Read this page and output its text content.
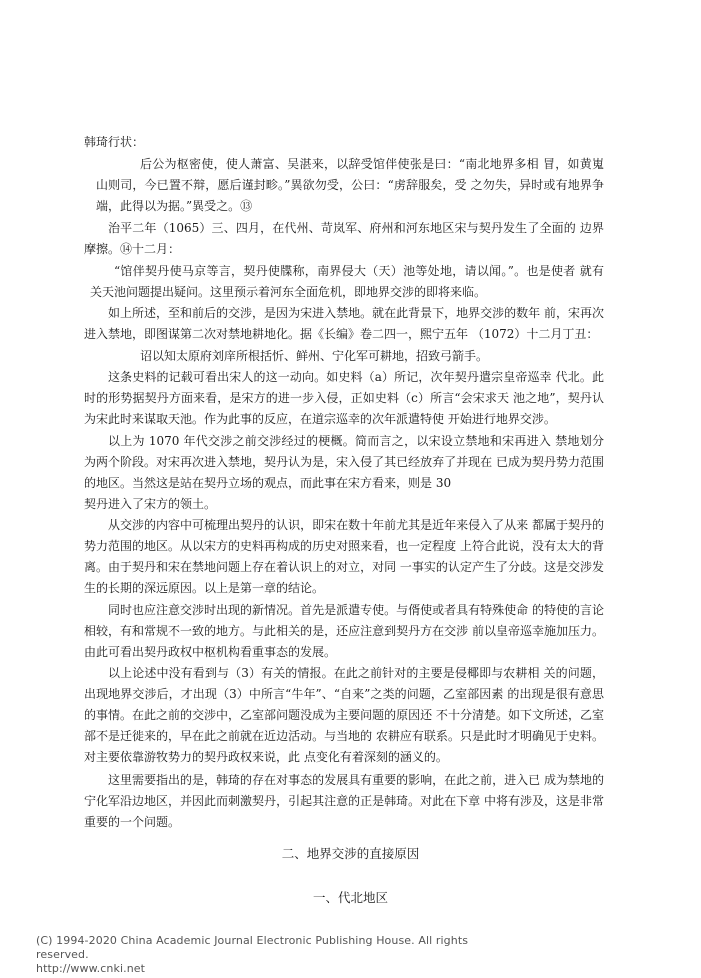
韩琦行状：

后公为枢密使，使人萧富、吴湛来，以辞受馆伴使张是曰：“南北地界多相 冒，如黄嵬山则司，今已置不辩，愿后谨封畛。”異欲勿受，公曰：“虏辞服矣，受 之勿失，异时或有地界争端，此得以为据。”異受之。⑬

治平二年（1065）三、四月，在代州、苛岚军、府州和河东地区宋与契丹发生了全面的 边界摩擦。⑭十二月：

“馆伴契丹使马京等言，契丹使牒称，南界侵大（天）池等处地，请以闻。”。也是使者 就有关天池问题提出疑问。这里预示着河东全面危机，即地界交涉的即将来临。

如上所述，至和前后的交涉，是因为宋进入禁地。就在此背景下，地界交涉的数年 前，宋再次进入禁地，即图谋第二次对禁地耕地化。据《长编》卷二四一，熙宁五年 （1072）十二月丁丑：

诏以知太原府刘庠所根括忻、鲜州、宁化军可耕地，招致弓箭手。

这条史料的记载可看出宋人的这一动向。如史料（a）所记，次年契丹遣宗皇帝巡幸 代北。此时的形势据契丹方面来看，是宋方的进一步入侵，正如史料（c）所言“会宋求天 池之地”，契丹认为宋此时来谋取天池。作为此事的反应，在道宗巡幸的次年派遣特使 开始进行地界交涉。

以上为 1070 年代交涉之前交涉经过的梗概。简而言之，以宋设立禁地和宋再进入 禁地划分为两个阶段。对宋再次进入禁地，契丹认为是，宋入侵了其已经放弃了并现在 已成为契丹势力范围的地区。当然这是站在契丹立场的观点，而此事在宋方看来，则是 30

契丹进入了宋方的领土。

从交涉的内容中可梳理出契丹的认识，即宋在数十年前尤其是近年来侵入了从来 都属于契丹的势力范围的地区。从以宋方的史料再构成的历史对照来看，也一定程度 上符合此说，没有太大的背离。由于契丹和宋在禁地问题上存在着认识上的对立，对同 一事实的认定产生了分歧。这是交涉发生的长期的深远原因。以上是第一章的结论。

同时也应注意交涉时出现的新情况。首先是派遣专使。与偦使或者具有特殊使命 的特使的言论相较，有和常规不一致的地方。与此相关的是，还应注意到契丹方在交涉 前以皇帝巡幸施加压力。由此可看出契丹政权中枢机构看重事态的发展。

以上论述中没有看到与（3）有关的情报。在此之前针对的主要是侵椰即与农耕相 关的问题，出现地界交涉后，才出现（3）中所言“牛年”、“自来”之类的问题，乙室部因素 的出现是很有意思的事情。在此之前的交涉中，乙室部问题没成为主要问题的原因还 不十分清楚。如下文所述，乙室部不是迁徙来的，早在此之前就在近边活动。与当地的 农耕应有联系。只是此时才明确见于史料。对主要依靠游牧势力的契丹政权来说，此 点变化有着深刻的涵义的。

这里需要指出的是，韩琦的存在对事态的发展具有重要的影响，在此之前，进入已 成为禁地的宁化军沿边地区，并因此而刺激契丹，引起其注意的正是韩琦。对此在下章 中将有涉及，这是非常重要的一个问题。

二、地界交涉的直接原因

一、代北地区

(C) 1994-2020 China Academic Journal Electronic Publishing House. All rights reserved.
http://www.cnki.net
